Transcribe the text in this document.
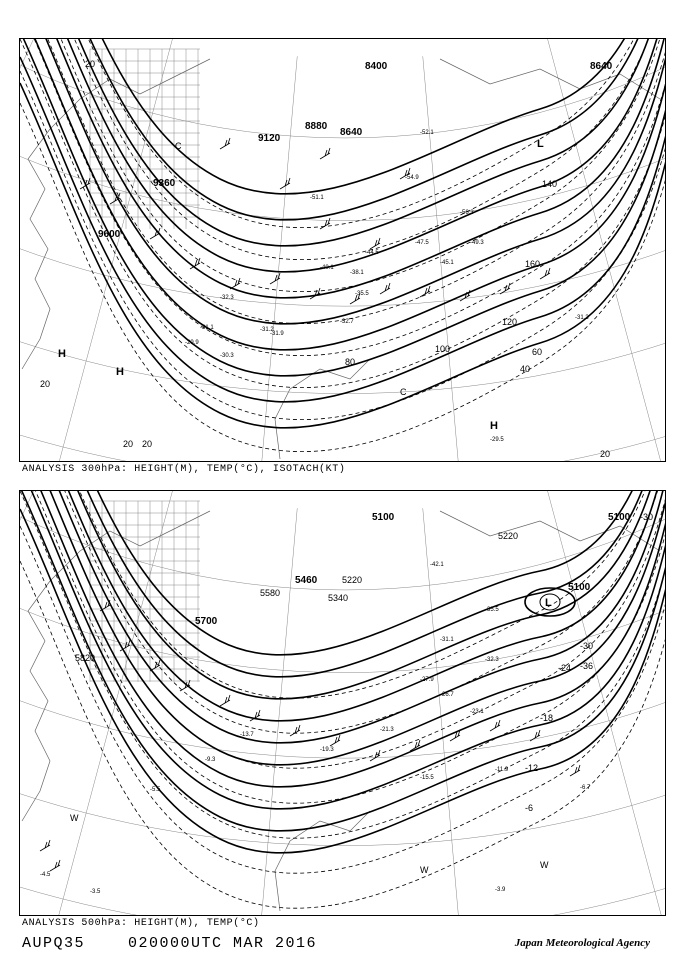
9600
9360
9120
8880
8640
8400	8640
20
40
60
80
100
120
140
160
20
20 20
20
H
H
H
L
C
C
-29.9
-30.3
-31.1	-31.2
-31.9
-32.3
-32.7
-35.5
-38.1
-40.1
-44.5
-45.1
-47.5	-49.3
-51.1
-52.1
-54.9
-56.3
-31.3
-29.5
ANALYSIS 300hPa: HEIGHT(M), TEMP(°C), ISOTACH(KT)
5820
5700
5580
5460
5340
5220
5100
5220
5100
5100
-36
-30
-24
-18
-12
-6
-30
L
W
W	W
-3.9
-4.5
-3.5
-5.5
-9.3
-13.7
-15.5
-19.3
-21.3
-23.1
-26.7
-27.9
-31.1
-32.3
-35.5
-42.1
-6.7
-11.9
ANALYSIS 500hPa: HEIGHT(M), TEMP(°C)
AUPQ35	020000UTC MAR 2016	Japan Meteorological Agency
